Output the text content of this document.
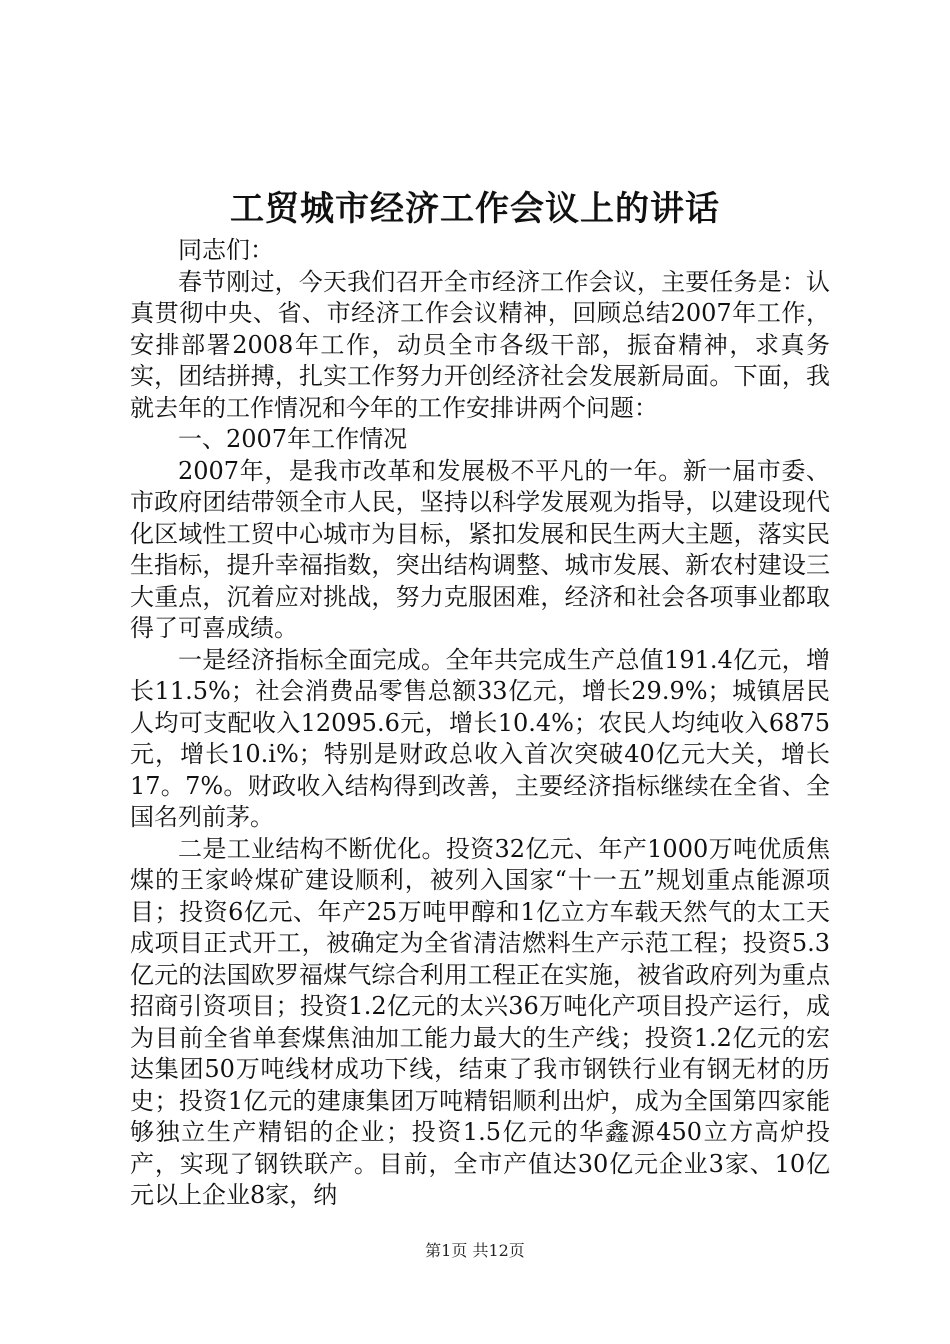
工贸城市经济工作会议上的讲话

同志们：

春节刚过，今天我们召开全市经济工作会议，主要任务是：认真贯彻中央、省、市经济工作会议精神，回顾总结2007年工作，安排部署2008年工作，动员全市各级干部，振奋精神，求真务实，团结拼搏，扎实工作努力开创经济社会发展新局面。下面，我就去年的工作情况和今年的工作安排讲两个问题：

一、2007年工作情况

2007年，是我市改革和发展极不平凡的一年。新一届市委、市政府团结带领全市人民，坚持以科学发展观为指导，以建设现代化区域性工贸中心城市为目标，紧扣发展和民生两大主题，落实民生指标，提升幸福指数，突出结构调整、城市发展、新农村建设三大重点，沉着应对挑战，努力克服困难，经济和社会各项事业都取得了可喜成绩。

一是经济指标全面完成。全年共完成生产总值191.4亿元，增长11.5%；社会消费品零售总额33亿元，增长29.9%；城镇居民人均可支配收入12095.6元，增长10.4%；农民人均纯收入6875元，增长10.i%；特别是财政总收入首次突破40亿元大关，增长17。7%。财政收入结构得到改善，主要经济指标继续在全省、全国名列前茅。

二是工业结构不断优化。投资32亿元、年产1000万吨优质焦煤的王家岭煤矿建设顺利，被列入国家“十一五”规划重点能源项目；投资6亿元、年产25万吨甲醇和1亿立方车载天然气的太工天成项目正式开工，被确定为全省清洁燃料生产示范工程；投资5.3亿元的法国欧罗福煤气综合利用工程正在实施，被省政府列为重点招商引资项目；投资1.2亿元的太兴36万吨化产项目投产运行，成为目前全省单套煤焦油加工能力最大的生产线；投资1.2亿元的宏达集团50万吨线材成功下线，结束了我市钢铁行业有钢无材的历史；投资1亿元的建康集团万吨精铝顺利出炉，成为全国第四家能够独立生产精铝的企业；投资1.5亿元的华鑫源450立方高炉投产，实现了钢铁联产。目前，全市产值达30亿元企业3家、10亿元以上企业8家，纳

第1页 共12页
